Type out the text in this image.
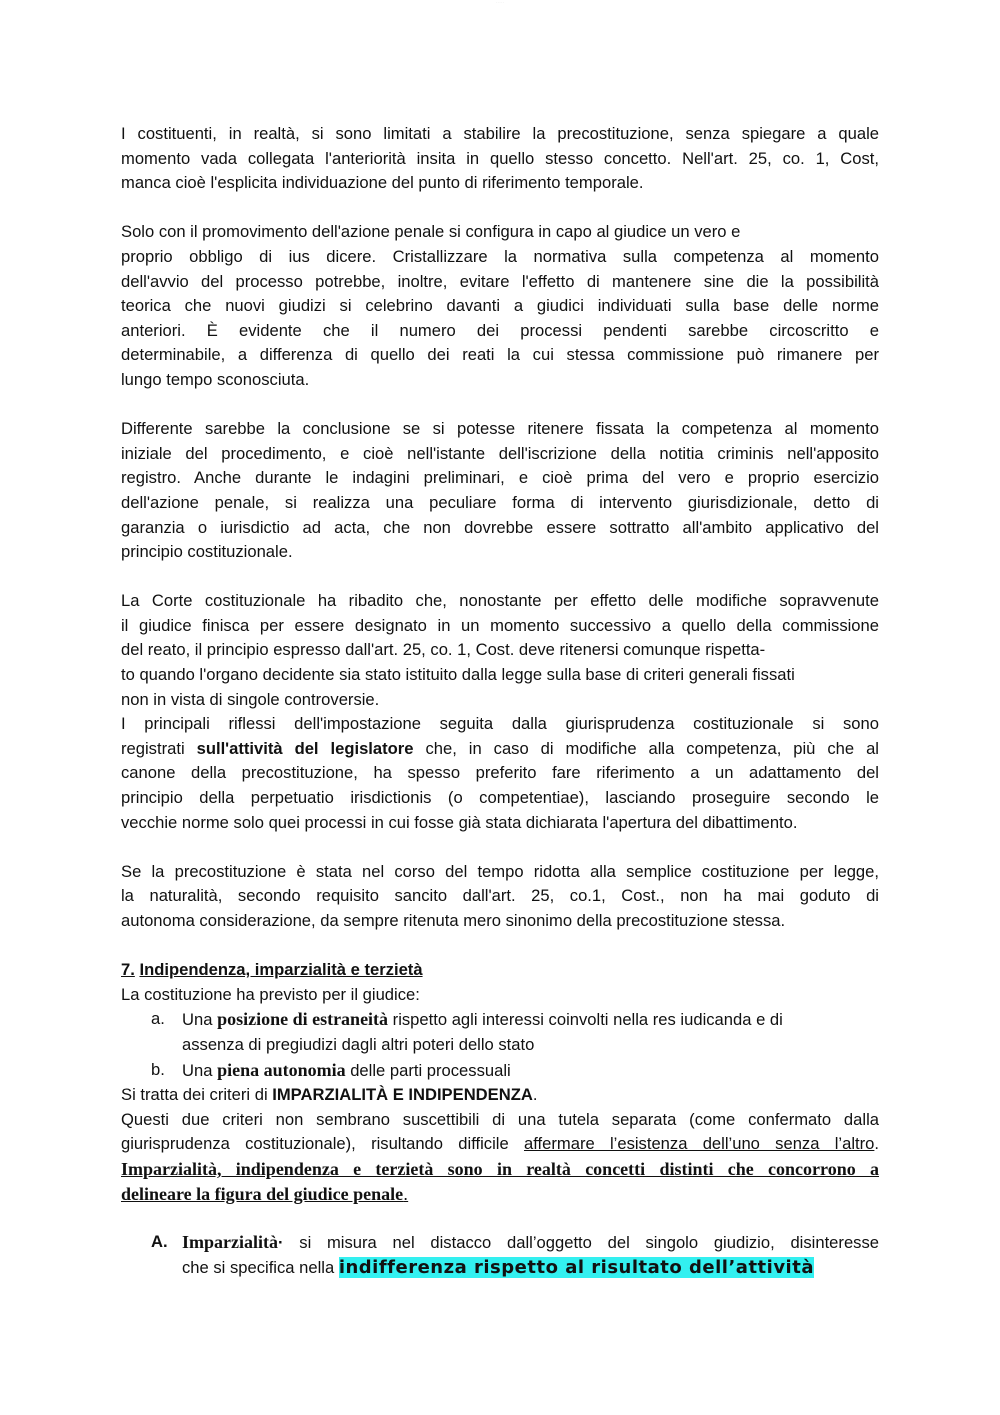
· · · · ·
I costituenti, in realtà, si sono limitati a stabilire la precostituzione, senza spiegare a quale
momento vada collegata l'anteriorità insita in quello stesso concetto. Nell'art. 25, co. 1, Cost,
manca cioè l'esplicita individuazione del punto di riferimento temporale.
Solo con il promovimento dell'azione penale si configura in capo al giudice un vero e
proprio obbligo di ius dicere. Cristallizzare la normativa sulla competenza al momento
dell'avvio del processo potrebbe, inoltre, evitare l'effetto di mantenere sine die la possibilità
teorica che nuovi giudizi si celebrino davanti a giudici individuati sulla base delle norme
anteriori. È evidente che il numero dei processi pendenti sarebbe circoscritto e
determinabile, a differenza di quello dei reati la cui stessa commissione può rimanere per
lungo tempo sconosciuta.
Differente sarebbe la conclusione se si potesse ritenere fissata la competenza al momento
iniziale del procedimento, e cioè nell'istante dell'iscrizione della notitia criminis nell'apposito
registro. Anche durante le indagini preliminari, e cioè prima del vero e proprio esercizio
dell'azione penale, si realizza una peculiare forma di intervento giurisdizionale, detto di
garanzia o iurisdictio ad acta, che non dovrebbe essere sottratto all'ambito applicativo del
principio costituzionale.
La Corte costituzionale ha ribadito che, nonostante per effetto delle modifiche sopravvenute
il giudice finisca per essere designato in un momento successivo a quello della commissione
del reato, il principio espresso dall'art. 25, co. 1, Cost. deve ritenersi comunque rispetta-
to quando l'organo decidente sia stato istituito dalla legge sulla base di criteri generali fissati
non in vista di singole controversie.
I principali riflessi dell'impostazione seguita dalla giurisprudenza costituzionale si sono
registrati sull'attività del legislatore che, in caso di modifiche alla competenza, più che al
canone della precostituzione, ha spesso preferito fare riferimento a un adattamento del
principio della perpetuatio irisdictionis (o competentiae), lasciando proseguire secondo le
vecchie norme solo quei processi in cui fosse già stata dichiarata l'apertura del dibattimento.
Se la precostituzione è stata nel corso del tempo ridotta alla semplice costituzione per legge,
la naturalità, secondo requisito sancito dall'art. 25, co.1, Cost., non ha mai goduto di
autonoma considerazione, da sempre ritenuta mero sinonimo della precostituzione stessa.
7. Indipendenza, imparzialità e terzietà
La costituzione ha previsto per il giudice:
a. Una posizione di estraneità rispetto agli interessi coinvolti nella res iudicanda e di
assenza di pregiudizi dagli altri poteri dello stato
b. Una piena autonomia delle parti processuali
Si tratta dei criteri di IMPARZIALITÀ E INDIPENDENZA.
Questi due criteri non sembrano suscettibili di una tutela separata (come confermato dalla
giurisprudenza costituzionale), risultando difficile affermare l’esistenza dell’uno senza l’altro.
Imparzialità, indipendenza e terzietà sono in realtà concetti distinti che concorrono a
delineare la figura del giudice penale.
A. Imparzialità· si misura nel distacco dall’oggetto del singolo giudizio, disinteresse
che si specifica nella indifferenza rispetto al risultato dell’attività
